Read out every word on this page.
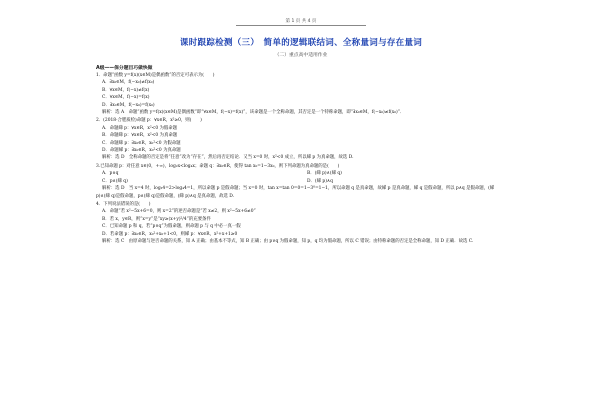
第 1 页 共 4 页
课时跟踪检测（三）　简单的逻辑联结词、全称量词与存在量词
（二）重点高中适用作业
A级——保分题目巧做快做
1．命题“函数 y=f(x)(x∈M)是偶函数”的否定可表示为(　　)
A．∃x₀∈M，f(−x₀)≠f(x₀)
B．∀x∈M，f(−x)≠f(x)
C．∀x∈M，f(−x)=f(x)
D．∃x₀∈M，f(−x₀)=f(x₀)
解析：选 A　命题“函数 y=f(x)(x∈M)是偶函数”即“∀x∈M，f(−x)=f(x)”，该命题是一个全称命题，其否定是一个特称命题，即“∃x₀∈M，f(−x₀)≠f(x₀)”．
2．(2018·合肥质检)命题 p：∀x∈R，x²≥0，则(　　)
A．命题綈 p：∀x∈R，x²<0 为假命题
B．命题綈 p：∀x∈R，x²<0 为真命题
C．命题綈 p：∃x₀∈R，x₀²<0 为假命题
D．命题綈 p：∃x₀∈R，x₀²<0 为真命题
解析：选 D　全称命题的否定是将“任意”改为“存在”，然后再否定结论．又当 x=0 时，x²<0 成立，所以綈 p 为真命题，故选 D.
3.已知命题 p：对任意 x∈(0，+∞)，log₂x<log₄x；命题 q：∃x₀∈R，使得 tan x₀=1−3x₀，则下列命题为真命题的是(　　)
A．p∧q	B．(綈 p)∧(綈 q)
C．p∧(綈 q)	D．(綈 p)∧q
解析：选 D　当 x=4 时，log₂4=2>log₄4=1，所以命题 p 是假命题；当 x=0 时，tan x=tan 0=0=1−3⁰=1−1，所以命题 q 是真命题，故綈 p 是真命题，綈 q 是假命题，所以 p∧q 是假命题，(綈 p)∧(綈 q)是假命题，p∧(綈 q)是假命题，(綈 p)∧q 是真命题，故选 D.
4．下列说法错误的是(　　)
A．命题“若 x²−5x+6=0，则 x=2”的逆否命题是“若 x≠2，则 x²−5x+6≠0”
B．若 x，y∈R，则“x=y”是“xy≥(x+y)²/4”的充要条件
C．已知命题 p 和 q，若“p∨q”为假命题，则命题 p 与 q 中必一真一假
D．若命题 p：∃x₀∈R，x₀²+x₀+1<0，则綈 p：∀x∈R，x²+x+1≥0
解析：选 C　由原命题与逆否命题的关系，知 A 正确；由基本不等式，知 B 正确；由 p∨q 为假命题，知 p，q 均为假命题，所以 C 错误；由特称命题的否定是全称命题，知 D 正确．故选 C.
